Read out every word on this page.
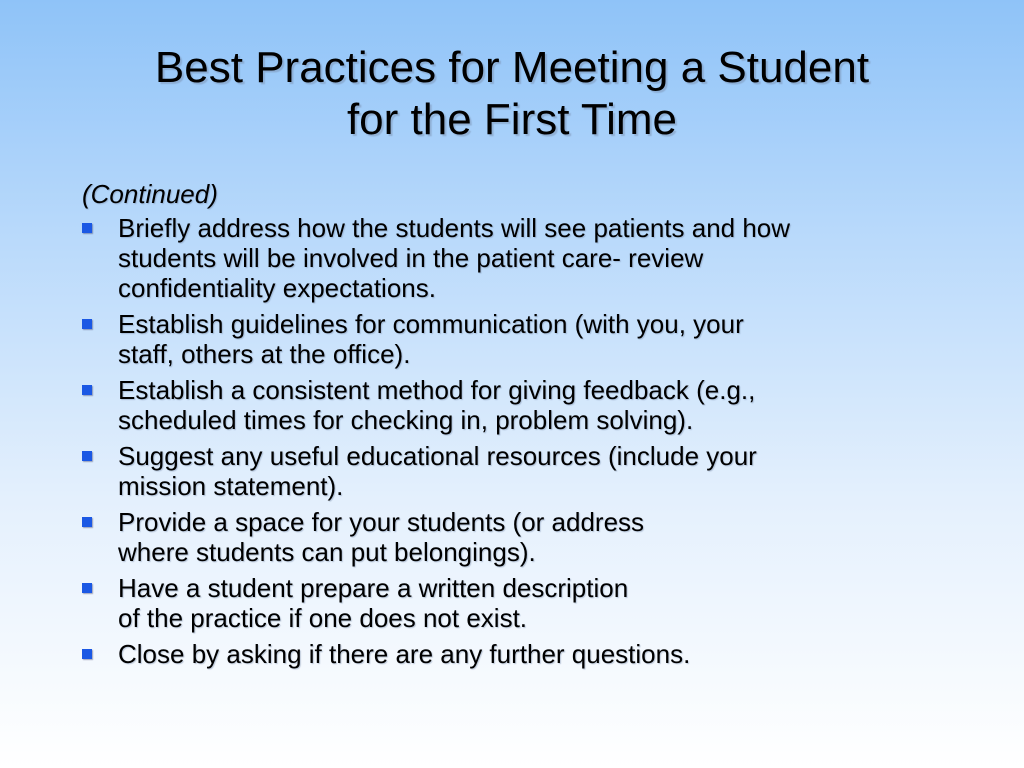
Best Practices for Meeting a Student
for the First Time
(Continued)
Briefly address how the students will see patients and how
students will be involved in the patient care- review
confidentiality expectations.
Establish guidelines for communication (with you, your
staff, others at the office).
Establish a consistent method for giving feedback (e.g.,
scheduled times for checking in, problem solving).
Suggest any useful educational resources (include your
mission statement).
Provide a space for your students (or address
where students can put belongings).
Have a student prepare a written description
of the practice if one does not exist.
Close by asking if there are any further questions.
